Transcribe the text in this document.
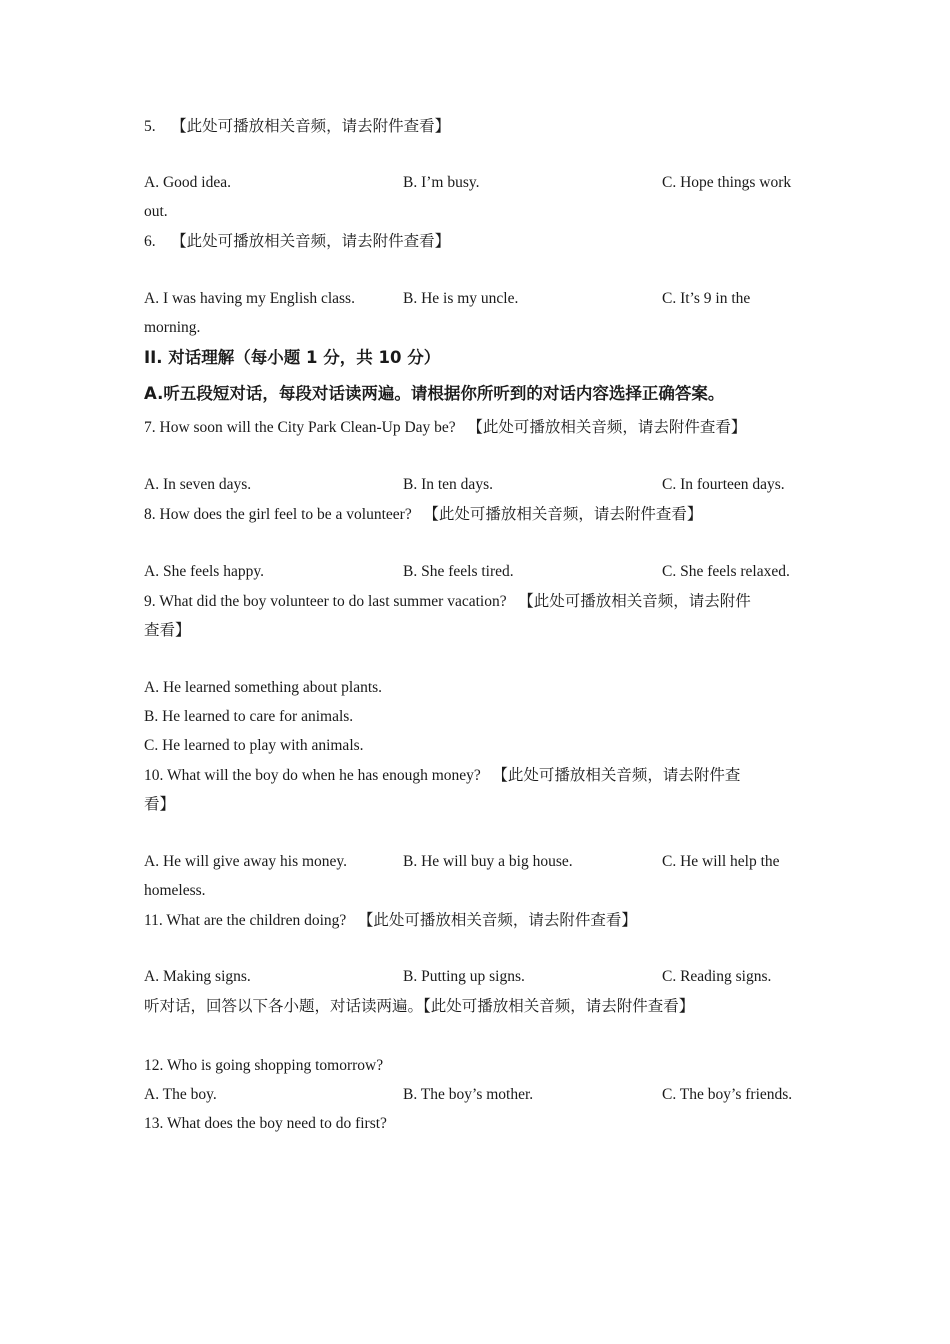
5. 【此处可播放相关音频，请去附件查看】
A. Good idea.	B. I’m busy.	C. Hope things work
out.
6. 【此处可播放相关音频，请去附件查看】
A. I was having my English class.	B. He is my uncle.	C. It’s 9 in the
morning.
II. 对话理解（每小题 1 分，共 10 分）
A.听五段短对话，每段对话读两遍。请根据你所听到的对话内容选择正确答案。
7. How soon will the City Park Clean-Up Day be? 【此处可播放相关音频，请去附件查看】
A. In seven days.	B. In ten days.	C. In fourteen days.
8. How does the girl feel to be a volunteer? 【此处可播放相关音频，请去附件查看】
A. She feels happy.	B. She feels tired.	C. She feels relaxed.
9. What did the boy volunteer to do last summer vacation? 【此处可播放相关音频，请去附件
查看】
A. He learned something about plants.
B. He learned to care for animals.
C. He learned to play with animals.
10. What will the boy do when he has enough money? 【此处可播放相关音频，请去附件查
看】
A. He will give away his money.	B. He will buy a big house.	C. He will help the
homeless.
11. What are the children doing? 【此处可播放相关音频，请去附件查看】
A. Making signs.	B. Putting up signs.	C. Reading signs.
听对话，回答以下各小题，对话读两遍。【此处可播放相关音频，请去附件查看】
12. Who is going shopping tomorrow?
A. The boy.	B. The boy’s mother.	C. The boy’s friends.
13. What does the boy need to do first?
